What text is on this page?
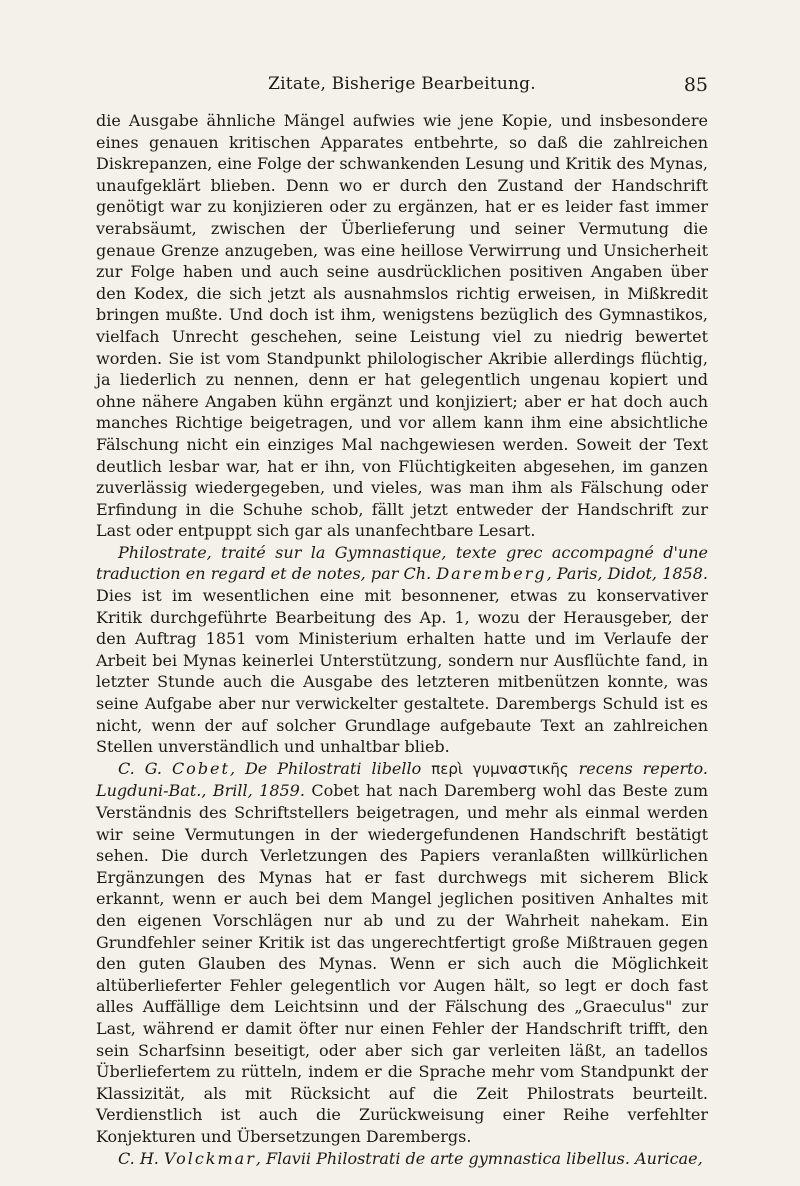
Zitate, Bisherige Bearbeitung.	85

die Ausgabe ähnliche Mängel aufwies wie jene Kopie, und insbesondere eines genauen kritischen Apparates entbehrte, so daß die zahlreichen Diskrepanzen, eine Folge der schwankenden Lesung und Kritik des Mynas, unaufgeklärt blieben. Denn wo er durch den Zustand der Handschrift genötigt war zu konjizieren oder zu ergänzen, hat er es leider fast immer verabsäumt, zwischen der Überlieferung und seiner Vermutung die genaue Grenze anzugeben, was eine heillose Verwirrung und Unsicherheit zur Folge haben und auch seine ausdrücklichen positiven Angaben über den Kodex, die sich jetzt als ausnahmslos richtig erweisen, in Mißkredit bringen mußte. Und doch ist ihm, wenigstens bezüglich des Gymnastikos, vielfach Unrecht geschehen, seine Leistung viel zu niedrig bewertet worden. Sie ist vom Standpunkt philologischer Akribie allerdings flüchtig, ja liederlich zu nennen, denn er hat gelegentlich ungenau kopiert und ohne nähere Angaben kühn ergänzt und konjiziert; aber er hat doch auch manches Richtige beigetragen, und vor allem kann ihm eine absichtliche Fälschung nicht ein einziges Mal nachgewiesen werden. Soweit der Text deutlich lesbar war, hat er ihn, von Flüchtigkeiten abgesehen, im ganzen zuverlässig wiedergegeben, und vieles, was man ihm als Fälschung oder Erfindung in die Schuhe schob, fällt jetzt entweder der Handschrift zur Last oder entpuppt sich gar als unanfechtbare Lesart.

Philostrate, traité sur la Gymnastique, texte grec accompagné d'une traduction en regard et de notes, par Ch. Daremberg, Paris, Didot, 1858. Dies ist im wesentlichen eine mit besonnener, etwas zu konservativer Kritik durchgeführte Bearbeitung des Ap. 1, wozu der Herausgeber, der den Auftrag 1851 vom Ministerium erhalten hatte und im Verlaufe der Arbeit bei Mynas keinerlei Unterstützung, sondern nur Ausflüchte fand, in letzter Stunde auch die Ausgabe des letzteren mitbenützen konnte, was seine Aufgabe aber nur verwickelter gestaltete. Darembergs Schuld ist es nicht, wenn der auf solcher Grundlage aufgebaute Text an zahlreichen Stellen unverständlich und unhaltbar blieb.

C. G. Cobet, De Philostrati libello περὶ γυμναστικῆς recens reperto. Lugduni-Bat., Brill, 1859. Cobet hat nach Daremberg wohl das Beste zum Verständnis des Schriftstellers beigetragen, und mehr als einmal werden wir seine Vermutungen in der wiedergefundenen Handschrift bestätigt sehen. Die durch Verletzungen des Papiers veranlaßten willkürlichen Ergänzungen des Mynas hat er fast durchwegs mit sicherem Blick erkannt, wenn er auch bei dem Mangel jeglichen positiven Anhaltes mit den eigenen Vorschlägen nur ab und zu der Wahrheit nahekam. Ein Grundfehler seiner Kritik ist das ungerechtfertigt große Mißtrauen gegen den guten Glauben des Mynas. Wenn er sich auch die Möglichkeit altüberlieferter Fehler gelegentlich vor Augen hält, so legt er doch fast alles Auffällige dem Leichtsinn und der Fälschung des „Graeculus" zur Last, während er damit öfter nur einen Fehler der Handschrift trifft, den sein Scharfsinn beseitigt, oder aber sich gar verleiten läßt, an tadellos Überliefertem zu rütteln, indem er die Sprache mehr vom Standpunkt der Klassizität, als mit Rücksicht auf die Zeit Philostrats beurteilt. Verdienstlich ist auch die Zurückweisung einer Reihe verfehlter Konjekturen und Übersetzungen Darembergs.

C. H. Volckmar, Flavii Philostrati de arte gymnastica libellus. Auricae,
